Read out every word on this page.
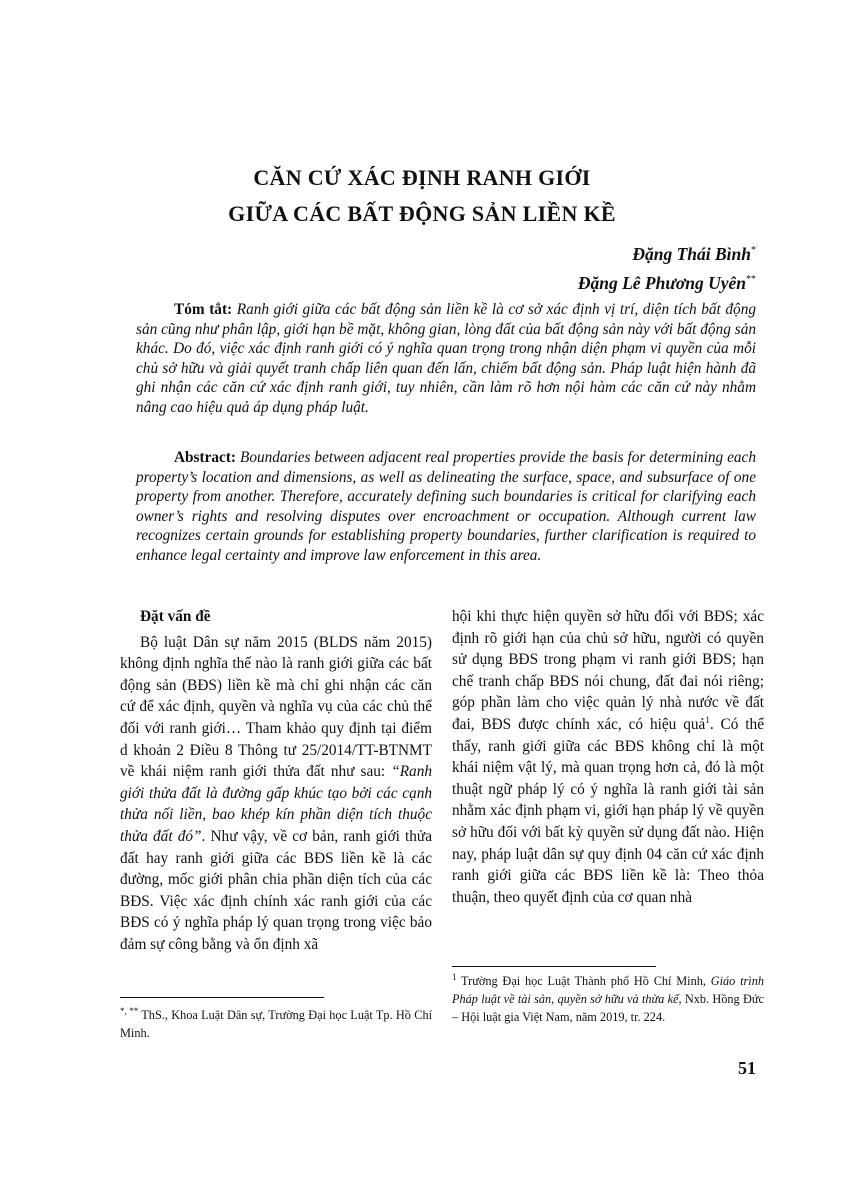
CĂN CỨ XÁC ĐỊNH RANH GIỚI
GIỮA CÁC BẤT ĐỘNG SẢN LIỀN KỀ
Đặng Thái Bình*
Đặng Lê Phương Uyên**
Tóm tắt: Ranh giới giữa các bất động sản liền kề là cơ sở xác định vị trí, diện tích bất động sản cũng như phân lập, giới hạn bề mặt, không gian, lòng đất của bất động sản này với bất động sản khác. Do đó, việc xác định ranh giới có ý nghĩa quan trọng trong nhận diện phạm vi quyền của mỗi chủ sở hữu và giải quyết tranh chấp liên quan đến lấn, chiếm bất động sản. Pháp luật hiện hành đã ghi nhận các căn cứ xác định ranh giới, tuy nhiên, cần làm rõ hơn nội hàm các căn cứ này nhằm nâng cao hiệu quả áp dụng pháp luật.
Abstract: Boundaries between adjacent real properties provide the basis for determining each property’s location and dimensions, as well as delineating the surface, space, and subsurface of one property from another. Therefore, accurately defining such boundaries is critical for clarifying each owner’s rights and resolving disputes over encroachment or occupation. Although current law recognizes certain grounds for establishing property boundaries, further clarification is required to enhance legal certainty and improve law enforcement in this area.
Đặt vấn đề

Bộ luật Dân sự năm 2015 (BLDS năm 2015) không định nghĩa thế nào là ranh giới giữa các bất động sản (BĐS) liền kề mà chỉ ghi nhận các căn cứ để xác định, quyền và nghĩa vụ của các chủ thể đối với ranh giới… Tham khảo quy định tại điểm d khoản 2 Điều 8 Thông tư 25/2014/TT-BTNMT về khái niệm ranh giới thửa đất như sau: “Ranh giới thửa đất là đường gấp khúc tạo bởi các cạnh thửa nối liền, bao khép kín phần diện tích thuộc thửa đất đó”. Như vậy, về cơ bản, ranh giới thửa đất hay ranh giới giữa các BĐS liền kề là các đường, mốc giới phân chia phần diện tích của các BĐS. Việc xác định chính xác ranh giới của các BĐS có ý nghĩa pháp lý quan trọng trong việc bảo đảm sự công bằng và ổn định xã

hội khi thực hiện quyền sở hữu đối với BĐS; xác định rõ giới hạn của chủ sở hữu, người có quyền sử dụng BĐS trong phạm vi ranh giới BĐS; hạn chế tranh chấp BĐS nói chung, đất đai nói riêng; góp phần làm cho việc quản lý nhà nước về đất đai, BĐS được chính xác, có hiệu quả$^1$. Có thể thấy, ranh giới giữa các BĐS không chỉ là một khái niệm vật lý, mà quan trọng hơn cả, đó là một thuật ngữ pháp lý có ý nghĩa là ranh giới tài sản nhằm xác định phạm vi, giới hạn pháp lý về quyền sở hữu đối với bất kỳ quyền sử dụng đất nào. Hiện nay, pháp luật dân sự quy định 04 căn cứ xác định ranh giới giữa các BĐS liền kề là: Theo thỏa thuận, theo quyết định của cơ quan nhà

*, ** ThS., Khoa Luật Dân sự, Trường Đại học Luật Tp. Hồ Chí Minh.
$^1$ Trường Đại học Luật Thành phố Hồ Chí Minh, Giáo trình Pháp luật về tài sản, quyền sở hữu và thừa kế, Nxb. Hồng Đức – Hội luật gia Việt Nam, năm 2019, tr. 224.
51
